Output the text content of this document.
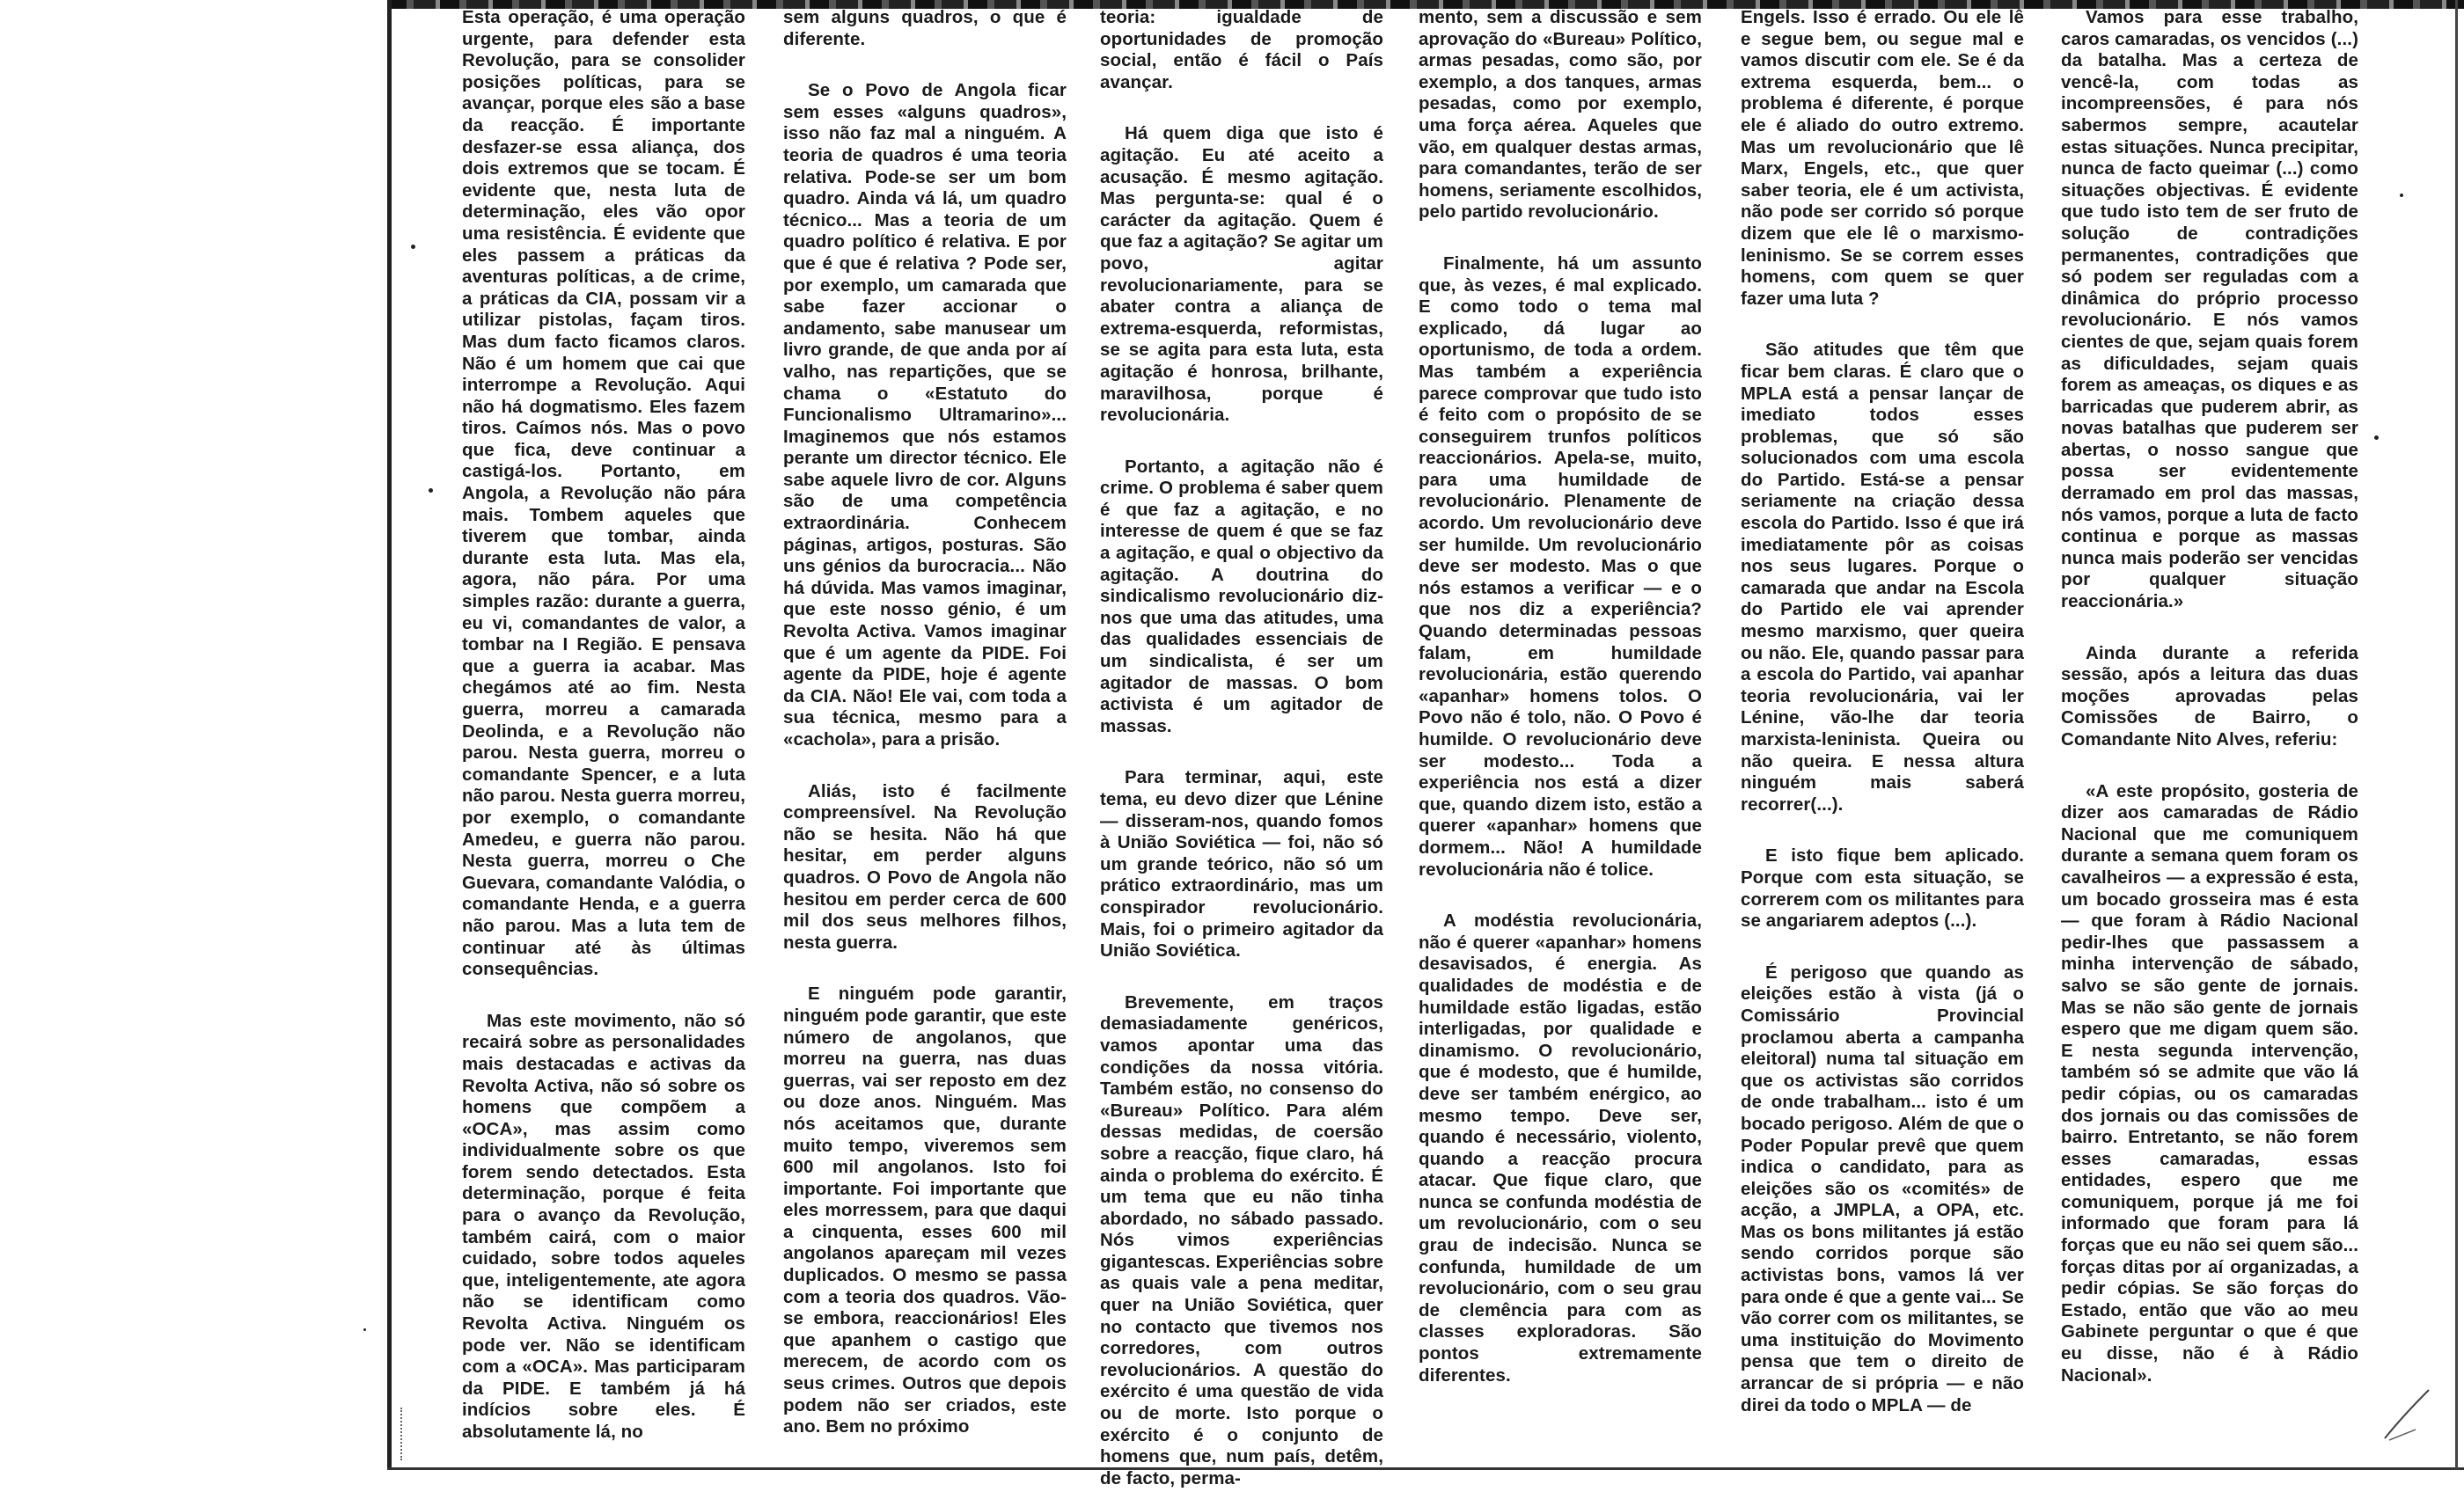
Esta operação, é uma operação urgente, para defender esta Revolução, para se consolider posições políticas, para se avançar, porque eles são a base da reacção. É importante desfazer-se essa aliança, dos dois extremos que se tocam. É evidente que, nesta luta de determinação, eles vão opor uma resistência. É evidente que eles passem a práticas da aventuras políticas, a de crime, a práticas da CIA, possam vir a utilizar pistolas, façam tiros. Mas dum facto ficamos claros. Não é um homem que cai que interrompe a Revolução. Aqui não há dogmatismo. Eles fazem tiros. Caímos nós. Mas o povo que fica, deve continuar a castigá-los. Portanto, em Angola, a Revolução não pára mais. Tombem aqueles que tiverem que tombar, ainda durante esta luta. Mas ela, agora, não pára. Por uma simples razão: durante a guerra, eu vi, comandantes de valor, a tombar na I Região. E pensava que a guerra ia acabar. Mas chegámos até ao fim. Nesta guerra, morreu a camarada Deolinda, e a Revolução não parou. Nesta guerra, morreu o comandante Spencer, e a luta não parou. Nesta guerra morreu, por exemplo, o comandante Amedeu, e guerra não parou. Nesta guerra, morreu o Che Guevara, comandante Valódia, o comandante Henda, e a guerra não parou. Mas a luta tem de continuar até às últimas consequências.

Mas este movimento, não só recairá sobre as personalidades mais destacadas e activas da Revolta Activa, não só sobre os homens que compõem a «OCA», mas assim como individualmente sobre os que forem sendo detectados. Esta determinação, porque é feita para o avanço da Revolução, também cairá, com o maior cuidado, sobre todos aqueles que, inteligentemente, ate agora não se identificam como Revolta Activa. Ninguém os pode ver. Não se identificam com a «OCA». Mas participaram da PIDE. E também já há indícios sobre eles. É absolutamente lá, no

sem alguns quadros, o que é diferente.

Se o Povo de Angola ficar sem esses «alguns quadros», isso não faz mal a ninguém. A teoria de quadros é uma teoria relativa. Pode-se ser um bom quadro. Ainda vá lá, um quadro técnico... Mas a teoria de um quadro político é relativa. E por que é que é relativa ? Pode ser, por exemplo, um camarada que sabe fazer accionar o andamento, sabe manusear um livro grande, de que anda por aí valho, nas repartições, que se chama o «Estatuto do Funcionalismo Ultramarino»... Imaginemos que nós estamos perante um director técnico. Ele sabe aquele livro de cor. Alguns são de uma competência extraordinária. Conhecem páginas, artigos, posturas. São uns génios da burocracia... Não há dúvida. Mas vamos imaginar, que este nosso génio, é um Revolta Activa. Vamos imaginar que é um agente da PIDE. Foi agente da PIDE, hoje é agente da CIA. Não! Ele vai, com toda a sua técnica, mesmo para a «cachola», para a prisão.

Aliás, isto é facilmente compreensível. Na Revolução não se hesita. Não há que hesitar, em perder alguns quadros. O Povo de Angola não hesitou em perder cerca de 600 mil dos seus melhores filhos, nesta guerra.

E ninguém pode garantir, ninguém pode garantir, que este número de angolanos, que morreu na guerra, nas duas guerras, vai ser reposto em dez ou doze anos. Ninguém. Mas nós aceitamos que, durante muito tempo, viveremos sem 600 mil angolanos. Isto foi importante. Foi importante que eles morressem, para que daqui a cinquenta, esses 600 mil angolanos apareçam mil vezes duplicados. O mesmo se passa com a teoria dos quadros. Vão-se embora, reaccionários! Eles que apanhem o castigo que merecem, de acordo com os seus crimes. Outros que depois podem não ser criados, este ano. Bem no próximo

teoria: igualdade de oportunidades de promoção social, então é fácil o País avançar.

Há quem diga que isto é agitação. Eu até aceito a acusação. É mesmo agitação. Mas pergunta-se: qual é o carácter da agitação. Quem é que faz a agitação? Se agitar um povo, agitar revolucionariamente, para se abater contra a aliança de extrema-esquerda, reformistas, se se agita para esta luta, esta agitação é honrosa, brilhante, maravilhosa, porque é revolucionária.

Portanto, a agitação não é crime. O problema é saber quem é que faz a agitação, e no interesse de quem é que se faz a agitação, e qual o objectivo da agitação. A doutrina do sindicalismo revolucionário diz-nos que uma das atitudes, uma das qualidades essenciais de um sindicalista, é ser um agitador de massas. O bom activista é um agitador de massas.

Para terminar, aqui, este tema, eu devo dizer que Lénine — disseram-nos, quando fomos à União Soviética — foi, não só um grande teórico, não só um prático extraordinário, mas um conspirador revolucionário. Mais, foi o primeiro agitador da União Soviética.

Brevemente, em traços demasiadamente genéricos, vamos apontar uma das condições da nossa vitória. Também estão, no consenso do «Bureau» Político. Para além dessas medidas, de coersão sobre a reacção, fique claro, há ainda o problema do exército. É um tema que eu não tinha abordado, no sábado passado. Nós vimos experiências gigantescas. Experiências sobre as quais vale a pena meditar, quer na União Soviética, quer no contacto que tivemos nos corredores, com outros revolucionários. A questão do exército é uma questão de vida ou de morte. Isto porque o exército é o conjunto de homens que, num país, detêm, de facto, perma-

mento, sem a discussão e sem aprovação do «Bureau» Político, armas pesadas, como são, por exemplo, a dos tanques, armas pesadas, como por exemplo, uma força aérea. Aqueles que vão, em qualquer destas armas, para comandantes, terão de ser homens, seriamente escolhidos, pelo partido revolucionário.

Finalmente, há um assunto que, às vezes, é mal explicado. E como todo o tema mal explicado, dá lugar ao oportunismo, de toda a ordem. Mas também a experiência parece comprovar que tudo isto é feito com o propósito de se conseguirem trunfos políticos reaccionários. Apela-se, muito, para uma humildade de revolucionário. Plenamente de acordo. Um revolucionário deve ser humilde. Um revolucionário deve ser modesto. Mas o que nós estamos a verificar — e o que nos diz a experiência? Quando determinadas pessoas falam, em humildade revolucionária, estão querendo «apanhar» homens tolos. O Povo não é tolo, não. O Povo é humilde. O revolucionário deve ser modesto... Toda a experiência nos está a dizer que, quando dizem isto, estão a querer «apanhar» homens que dormem... Não! A humildade revolucionária não é tolice.

A modéstia revolucionária, não é querer «apanhar» homens desavisados, é energia. As qualidades de modéstia e de humildade estão ligadas, estão interligadas, por qualidade e dinamismo. O revolucionário, que é modesto, que é humilde, deve ser também enérgico, ao mesmo tempo. Deve ser, quando é necessário, violento, quando a reacção procura atacar. Que fique claro, que nunca se confunda modéstia de um revolucionário, com o seu grau de indecisão. Nunca se confunda, humildade de um revolucionário, com o seu grau de clemência para com as classes exploradoras. São pontos extremamente diferentes.

Engels. Isso é errado. Ou ele lê e segue bem, ou segue mal e vamos discutir com ele. Se é da extrema esquerda, bem... o problema é diferente, é porque ele é aliado do outro extremo. Mas um revolucionário que lê Marx, Engels, etc., que quer saber teoria, ele é um activista, não pode ser corrido só porque dizem que ele lê o marxismo-leninismo. Se se correm esses homens, com quem se quer fazer uma luta ?

São atitudes que têm que ficar bem claras. É claro que o MPLA está a pensar lançar de imediato todos esses problemas, que só são solucionados com uma escola do Partido. Está-se a pensar seriamente na criação dessa escola do Partido. Isso é que irá imediatamente pôr as coisas nos seus lugares. Porque o camarada que andar na Escola do Partido ele vai aprender mesmo marxismo, quer queira ou não. Ele, quando passar para a escola do Partido, vai apanhar teoria revolucionária, vai ler Lénine, vão-lhe dar teoria marxista-leninista. Queira ou não queira. E nessa altura ninguém mais saberá recorrer(...).

E isto fique bem aplicado. Porque com esta situação, se correrem com os militantes para se angariarem adeptos (...).

É perigoso que quando as eleições estão à vista (já o Comissário Provincial proclamou aberta a campanha eleitoral) numa tal situação em que os activistas são corridos de onde trabalham... isto é um bocado perigoso. Além de que o Poder Popular prevê que quem indica o candidato, para as eleições são os «comités» de acção, a JMPLA, a OPA, etc. Mas os bons militantes já estão sendo corridos porque são activistas bons, vamos lá ver para onde é que a gente vai... Se vão correr com os militantes, se uma instituição do Movimento pensa que tem o direito de arrancar de si própria — e não direi da todo o MPLA — de

Vamos para esse trabalho, caros camaradas, os vencidos (...) da batalha. Mas a certeza de vencê-la, com todas as incompreensões, é para nós sabermos sempre, acautelar estas situações. Nunca precipitar, nunca de facto queimar (...) como situações objectivas. É evidente que tudo isto tem de ser fruto de solução de contradições permanentes, contradições que só podem ser reguladas com a dinâmica do próprio processo revolucionário. E nós vamos cientes de que, sejam quais forem as dificuldades, sejam quais forem as ameaças, os diques e as barricadas que puderem abrir, as novas batalhas que puderem ser abertas, o nosso sangue que possa ser evidentemente derramado em prol das massas, nós vamos, porque a luta de facto continua e porque as massas nunca mais poderão ser vencidas por qualquer situação reaccionária.»

Ainda durante a referida sessão, após a leitura das duas moções aprovadas pelas Comissões de Bairro, o Comandante Nito Alves, referiu:

«A este propósito, gosteria de dizer aos camaradas de Rádio Nacional que me comuniquem durante a semana quem foram os cavalheiros — a expressão é esta, um bocado grosseira mas é esta — que foram à Rádio Nacional pedir-lhes que passassem a minha intervenção de sábado, salvo se são gente de jornais. Mas se não são gente de jornais espero que me digam quem são. E nesta segunda intervenção, também só se admite que vão lá pedir cópias, ou os camaradas dos jornais ou das comissões de bairro. Entretanto, se não forem esses camaradas, essas entidades, espero que me comuniquem, porque já me foi informado que foram para lá forças que eu não sei quem são... forças ditas por aí organizadas, a pedir cópias. Se são forças do Estado, então que vão ao meu Gabinete perguntar o que é que eu disse, não é à Rádio Nacional».
